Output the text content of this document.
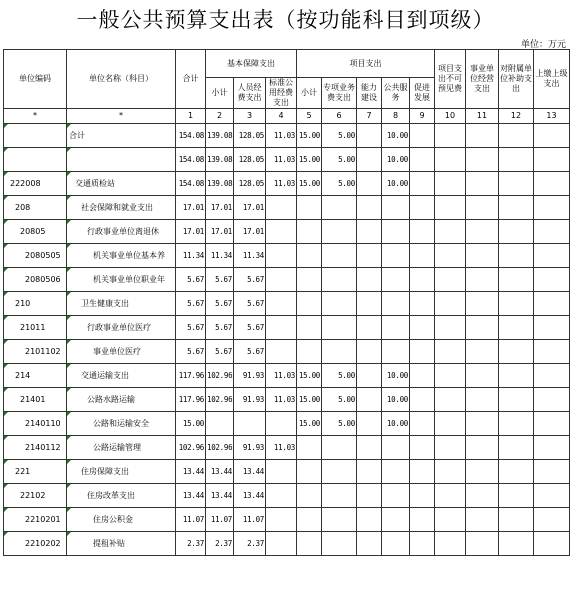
一般公共预算支出表（按功能科目到项级）
单位：万元
单位编码	单位名称（科目）	合计	基本保障支出			项目支出					项目支出不可预见费	事业单位经营支出	对附属单位补助支出	上缴上级支出
			小计	人员经费支出	标准公用经费支出	小计	专项业务费支出	能力建设	公共服务	促进发展				
*	*	1	2	3	4	5	6	7	8	9	10	11	12	13
	合计	154.08	139.08	128.05	11.03	15.00	5.00		10.00					
		154.08	139.08	128.05	11.03	15.00	5.00		10.00					
222008	交通质检站	154.08	139.08	128.05	11.03	15.00	5.00		10.00					
208	社会保障和就业支出	17.01	17.01	17.01										
20805	行政事业单位离退休	17.01	17.01	17.01										
2080505	机关事业单位基本养	11.34	11.34	11.34										
2080506	机关事业单位职业年	5.67	5.67	5.67										
210	卫生健康支出	5.67	5.67	5.67										
21011	行政事业单位医疗	5.67	5.67	5.67										
2101102	事业单位医疗	5.67	5.67	5.67										
214	交通运输支出	117.96	102.96	91.93	11.03	15.00	5.00		10.00					
21401	公路水路运输	117.96	102.96	91.93	11.03	15.00	5.00		10.00					
2140110	公路和运输安全	15.00				15.00	5.00		10.00					
2140112	公路运输管理	102.96	102.96	91.93	11.03									
221	住房保障支出	13.44	13.44	13.44										
22102	住房改革支出	13.44	13.44	13.44										
2210201	住房公积金	11.07	11.07	11.07										
2210202	提租补贴	2.37	2.37	2.37										
